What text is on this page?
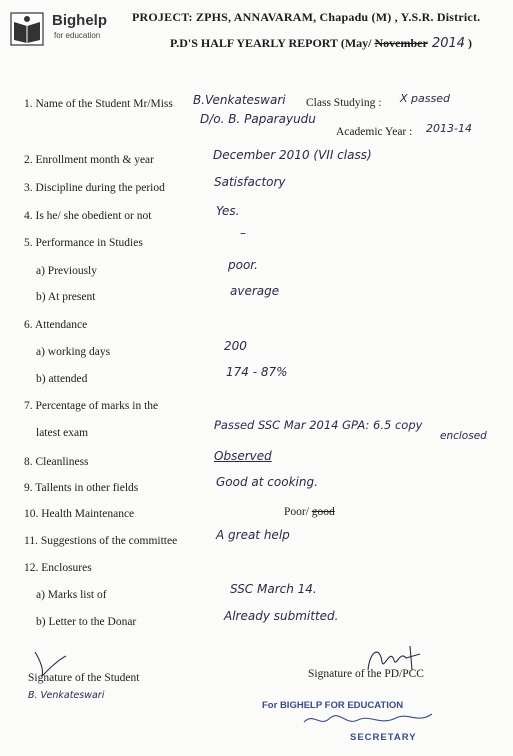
Bighelp
for education
PROJECT: ZPHS, ANNAVARAM, Chapadu (M) , Y.S.R. District.
P.D'S HALF YEARLY REPORT (May/ November 2014 )
1. Name of the Student Mr/Miss B.Venkateswari Class Studying : X passed
D/o. B. Paparayudu
Academic Year : 2013-14
2. Enrollment month & year	December 2010 (VII class)
3. Discipline during the period	Satisfactory
4. Is he/ she obedient or not	Yes.
5. Performance in Studies
–
a) Previously	poor.
b) At present	average
6. Attendance
a) working days	200
b) attended	174 - 87%
7. Percentage of marks in the
latest exam
Passed SSC Mar 2014 GPA: 6.5 copy
enclosed
8. Cleanliness	Observed
9. Tallents in other fields	Good at cooking.
10. Health Maintenance	Poor/ good
11. Suggestions of the committee	A great help
12. Enclosures
a) Marks list of	SSC March 14.
b) Letter to the Donar	Already submitted.
Signature of the Student
B. Venkateswari
Signature of the PD/PCC
For BIGHELP FOR EDUCATION
SECRETARY
